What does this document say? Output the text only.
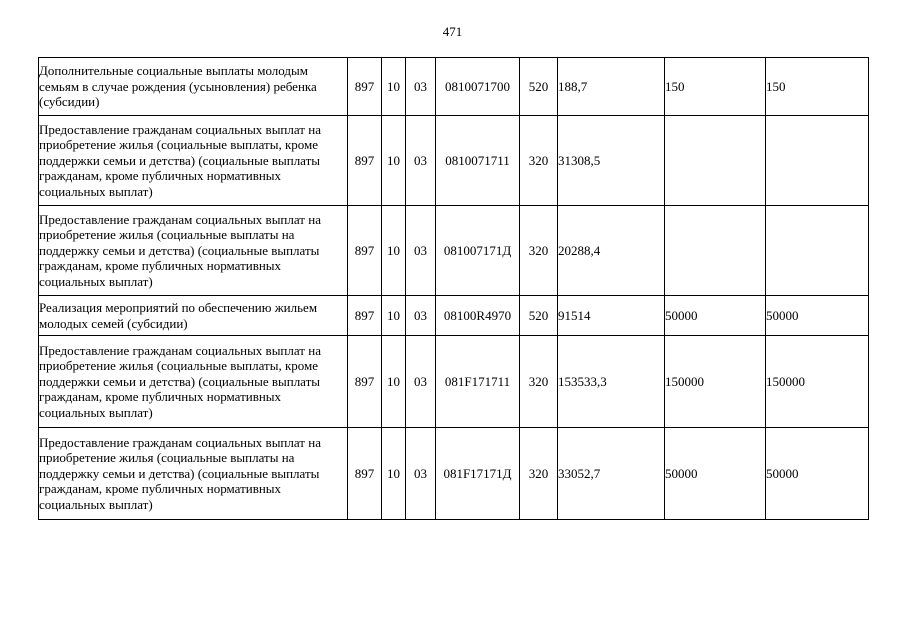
471
Дополнительные социальные выплаты молодым семьям в случае рождения (усыновления) ребенка (субсидии)	897	10	03	0810071700	520	188,7	150	150
Предоставление гражданам социальных выплат на приобретение жилья (социальные выплаты, кроме поддержки семьи и детства) (социальные выплаты гражданам, кроме публичных нормативных социальных выплат)	897	10	03	0810071711	320	31308,5		
Предоставление гражданам социальных выплат на приобретение жилья (социальные выплаты на поддержку семьи и детства) (социальные выплаты гражданам, кроме публичных нормативных социальных выплат)	897	10	03	081007171Д	320	20288,4		
Реализация мероприятий по обеспечению жильем молодых семей (субсидии)	897	10	03	08100R4970	520	91514	50000	50000
Предоставление гражданам социальных выплат на приобретение жилья (социальные выплаты, кроме поддержки семьи и детства) (социальные выплаты гражданам, кроме публичных нормативных социальных выплат)	897	10	03	081F171711	320	153533,3	150000	150000
Предоставление гражданам социальных выплат на приобретение жилья (социальные выплаты на поддержку семьи и детства) (социальные выплаты гражданам, кроме публичных нормативных социальных выплат)	897	10	03	081F17171Д	320	33052,7	50000	50000
